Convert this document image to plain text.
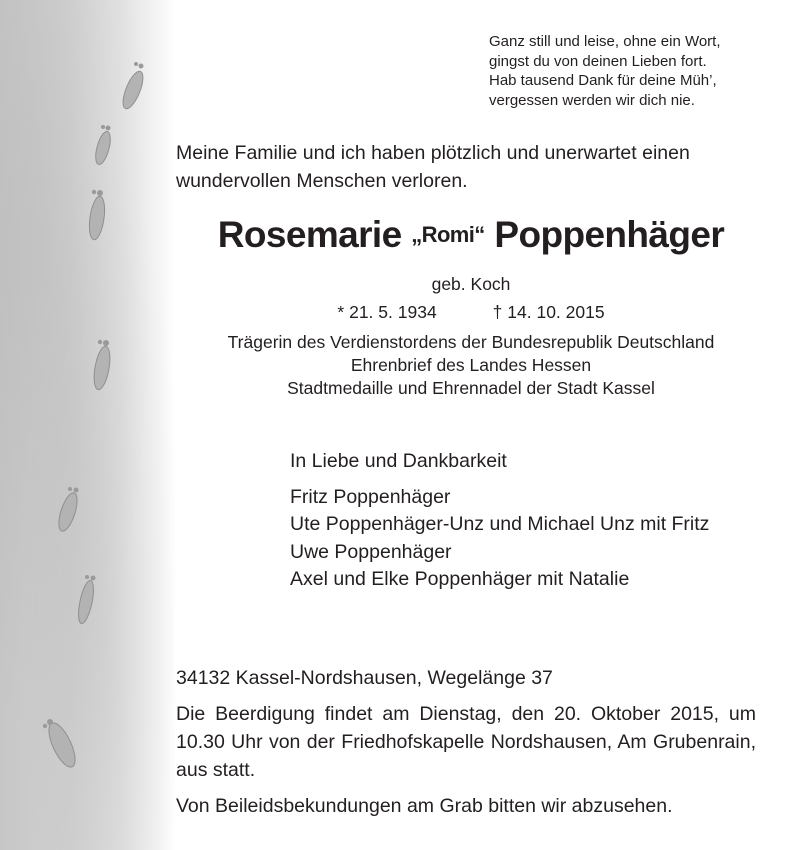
Ganz still und leise, ohne ein Wort,
gingst du von deinen Lieben fort.
Hab tausend Dank für deine Müh’,
vergessen werden wir dich nie.
Meine Familie und ich haben plötzlich und unerwartet einen
wundervollen Menschen verloren.
Rosemarie „Romi“ Poppenhäger
geb. Koch
* 21. 5. 1934	† 14. 10. 2015
Trägerin des Verdienstordens der Bundesrepublik Deutschland
Ehrenbrief des Landes Hessen
Stadtmedaille und Ehrennadel der Stadt Kassel
In Liebe und Dankbarkeit
Fritz Poppenhäger
Ute Poppenhäger-Unz und Michael Unz mit Fritz
Uwe Poppenhäger
Axel und Elke Poppenhäger mit Natalie
34132 Kassel-Nordshausen, Wegelänge 37
Die Beerdigung findet am Dienstag, den 20. Oktober 2015, um 10.30 Uhr von der Friedhofskapelle Nordshausen, Am Grubenrain, aus statt.
Von Beileidsbekundungen am Grab bitten wir abzusehen.
